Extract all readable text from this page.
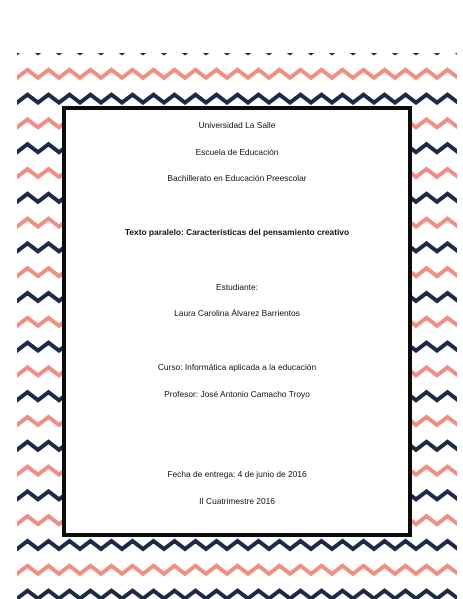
Universidad La Salle
Escuela de Educación
Bachillerato en Educación Preescolar
Texto paralelo: Características del pensamiento creativo
Estudiante:
Laura Carolina Álvarez Barrientos
Curso: Informática aplicada a la educación
Profesor: José Antonio Camacho Troyo
Fecha de entrega: 4 de junio de 2016
II Cuatrimestre 2016
